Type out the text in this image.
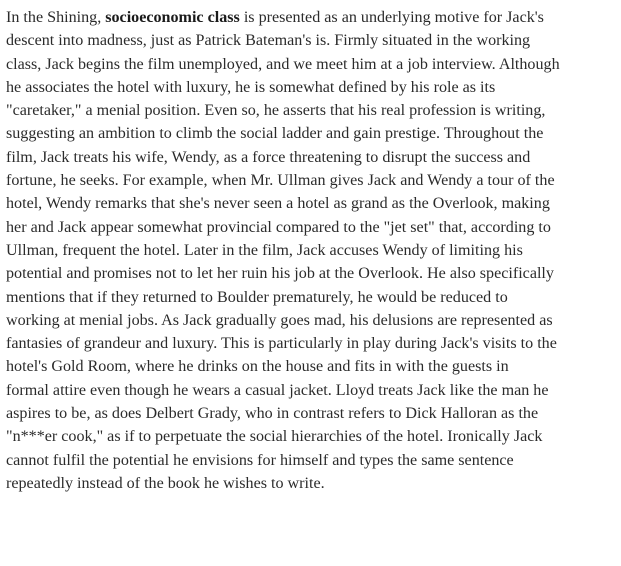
In the Shining, socioeconomic class is presented as an underlying motive for Jack's
descent into madness, just as Patrick Bateman's is. Firmly situated in the working
class, Jack begins the film unemployed, and we meet him at a job interview. Although
he associates the hotel with luxury, he is somewhat defined by his role as its
"caretaker," a menial position. Even so, he asserts that his real profession is writing,
suggesting an ambition to climb the social ladder and gain prestige. Throughout the
film, Jack treats his wife, Wendy, as a force threatening to disrupt the success and
fortune, he seeks. For example, when Mr. Ullman gives Jack and Wendy a tour of the
hotel, Wendy remarks that she's never seen a hotel as grand as the Overlook, making
her and Jack appear somewhat provincial compared to the "jet set" that, according to
Ullman, frequent the hotel. Later in the film, Jack accuses Wendy of limiting his
potential and promises not to let her ruin his job at the Overlook. He also specifically
mentions that if they returned to Boulder prematurely, he would be reduced to
working at menial jobs. As Jack gradually goes mad, his delusions are represented as
fantasies of grandeur and luxury. This is particularly in play during Jack's visits to the
hotel's Gold Room, where he drinks on the house and fits in with the guests in
formal attire even though he wears a casual jacket. Lloyd treats Jack like the man he
aspires to be, as does Delbert Grady, who in contrast refers to Dick Halloran as the
"n***er cook," as if to perpetuate the social hierarchies of the hotel. Ironically Jack
cannot fulfil the potential he envisions for himself and types the same sentence
repeatedly instead of the book he wishes to write.
